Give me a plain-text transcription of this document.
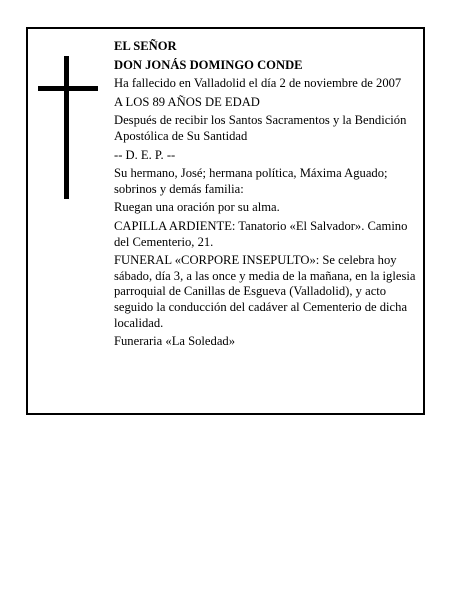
EL SEÑOR

DON JONÁS DOMINGO CONDE

Ha fallecido en Valladolid el día 2 de noviembre de 2007

A LOS 89 AÑOS DE EDAD

Después de recibir los Santos Sacramentos y la Bendición Apostólica de Su Santidad

-- D. E. P. --

Su hermano, José; hermana política, Máxima Aguado; sobrinos y demás familia:

Ruegan una oración por su alma.

CAPILLA ARDIENTE: Tanatorio «El Salvador». Camino del Cementerio, 21.

FUNERAL «CORPORE INSEPULTO»: Se celebra hoy sábado, día 3, a las once y media de la mañana, en la iglesia parroquial de Canillas de Esgueva (Valladolid), y acto seguido la conducción del cadáver al Cementerio de dicha localidad.

Funeraria «La Soledad»
